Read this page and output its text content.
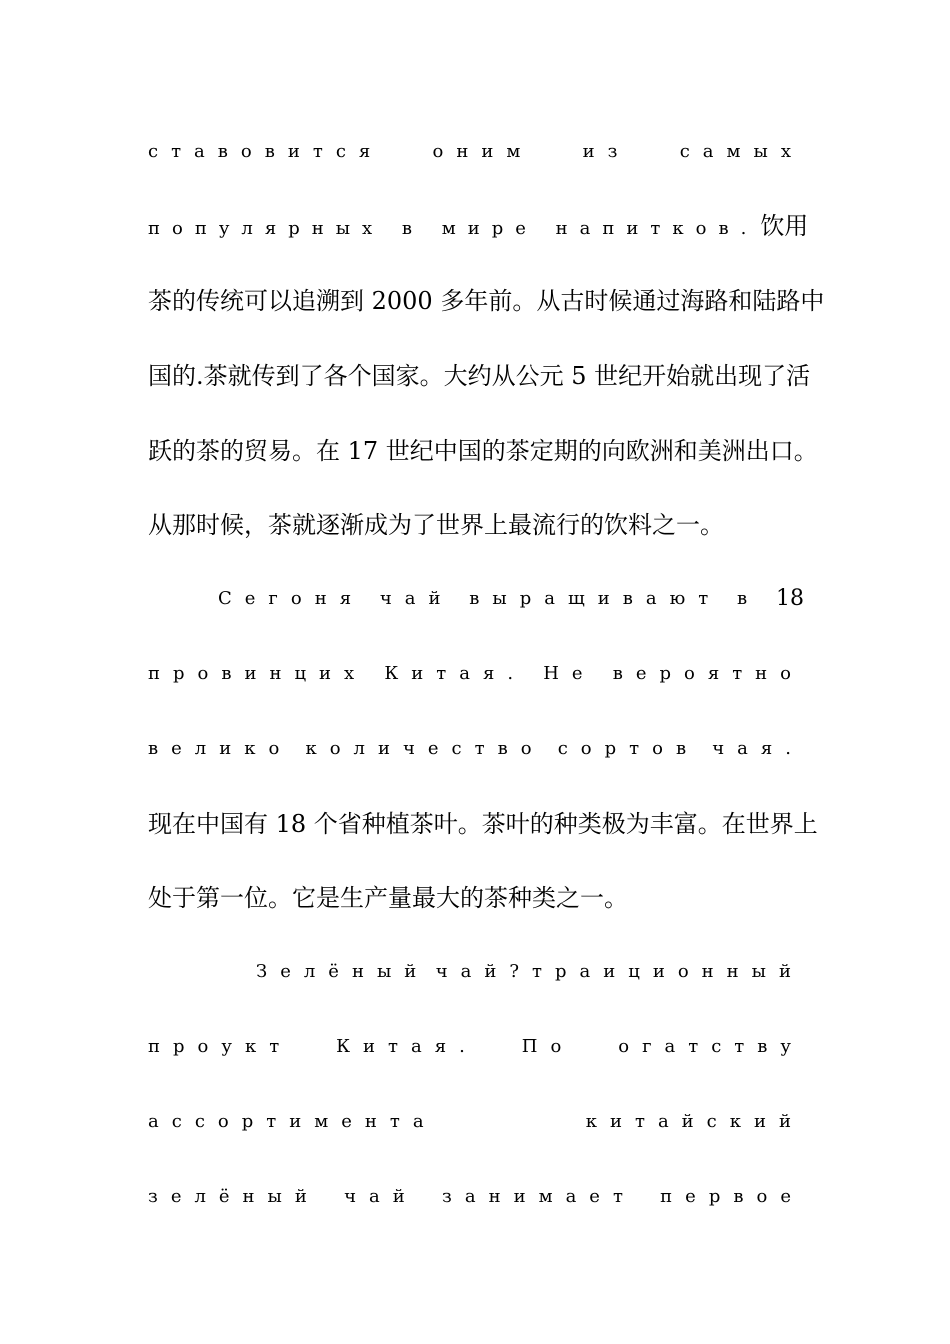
ставовится	оним	из	самых
популярных в мире напитков. 饮用
茶的传统可以追溯到 2000 多年前。从古时候通过海路和陆路中
国的.茶就传到了各个国家。大约从公元 5 世纪开始就出现了活
跃的茶的贸易。在 17 世纪中国的茶定期的向欧洲和美洲出口。
从那时候，茶就逐渐成为了世界上最流行的饮料之一。
Сегоня чай выращивают в 18
провинцих Китая. Не вероятно
велико количество сортов чая.
现在中国有 18 个省种植茶叶。茶叶的种类极为丰富。在世界上
处于第一位。它是生产量最大的茶种类之一。
Зелёный чай?траиционный
проукт Китая. По огатству
ассортимента	китайский
зелёный чай занимает первое
